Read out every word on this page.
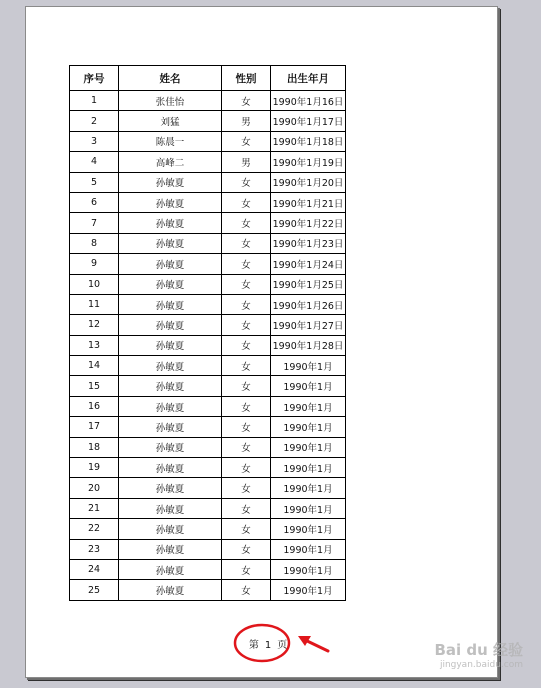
序号	姓名	性别	出生年月
1	张佳怡	女	1990年1月16日
2	刘猛	男	1990年1月17日
3	陈晨一	女	1990年1月18日
4	高峰二	男	1990年1月19日
5	孙敏夏	女	1990年1月20日
6	孙敏夏	女	1990年1月21日
7	孙敏夏	女	1990年1月22日
8	孙敏夏	女	1990年1月23日
9	孙敏夏	女	1990年1月24日
10	孙敏夏	女	1990年1月25日
11	孙敏夏	女	1990年1月26日
12	孙敏夏	女	1990年1月27日
13	孙敏夏	女	1990年1月28日
14	孙敏夏	女	1990年1月
15	孙敏夏	女	1990年1月
16	孙敏夏	女	1990年1月
17	孙敏夏	女	1990年1月
18	孙敏夏	女	1990年1月
19	孙敏夏	女	1990年1月
20	孙敏夏	女	1990年1月
21	孙敏夏	女	1990年1月
22	孙敏夏	女	1990年1月
23	孙敏夏	女	1990年1月
24	孙敏夏	女	1990年1月
25	孙敏夏	女	1990年1月
第 1 页	Bai du 经验
jingyan.baidu.com
